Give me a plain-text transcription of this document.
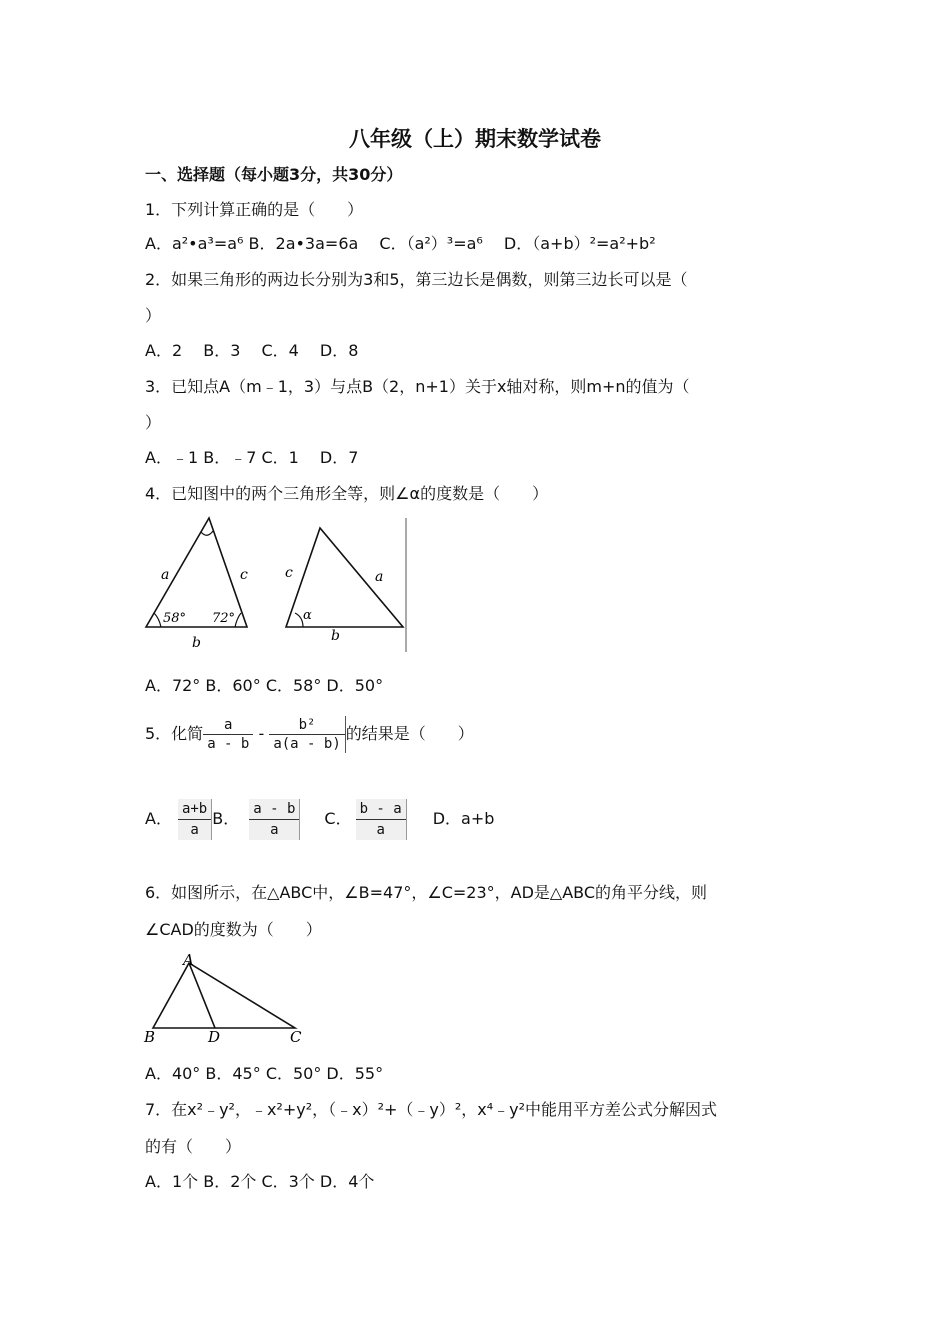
八年级（上）期末数学试卷
一、选择题（每小题3分，共30分）
1．下列计算正确的是（　　）
A．a²•a³=a⁶ B．2a•3a=6a　 C．（a²）³=a⁶　 D．（a+b）²=a²+b²
2．如果三角形的两边长分别为3和5，第三边长是偶数，则第三边长可以是（
）
A．2　 B．3　 C．4　 D．8
3．已知点A（m﹣1，3）与点B（2，n+1）关于x轴对称，则m+n的值为（
）
A．﹣1 B．﹣7 C．1　 D．7
4．已知图中的两个三角形全等，则∠α的度数是（　　）
a	c
b
58° 72°
c	a
b
α
A．72° B．60° C．58° D．50°
5．化简 $\frac{a}{a - b} - \frac{\text{b²}}{a(a - b)}$ 的结果是（　　）
A． $\frac{a+b}{a}$ B． $\frac{a - b}{a}$ C． $\frac{b - a}{a}$ D．a+b
6．如图所示，在△ABC中，∠B=47°，∠C=23°，AD是△ABC的角平分线，则
∠CAD的度数为（　　）
A
B	D	C
A．40° B．45° C．50° D．55°
7．在x²﹣y²，﹣x²+y²，（﹣x）²+（﹣y）²，x⁴﹣y²中能用平方差公式分解因式
的有（　　）
A．1个 B．2个 C．3个 D．4个
